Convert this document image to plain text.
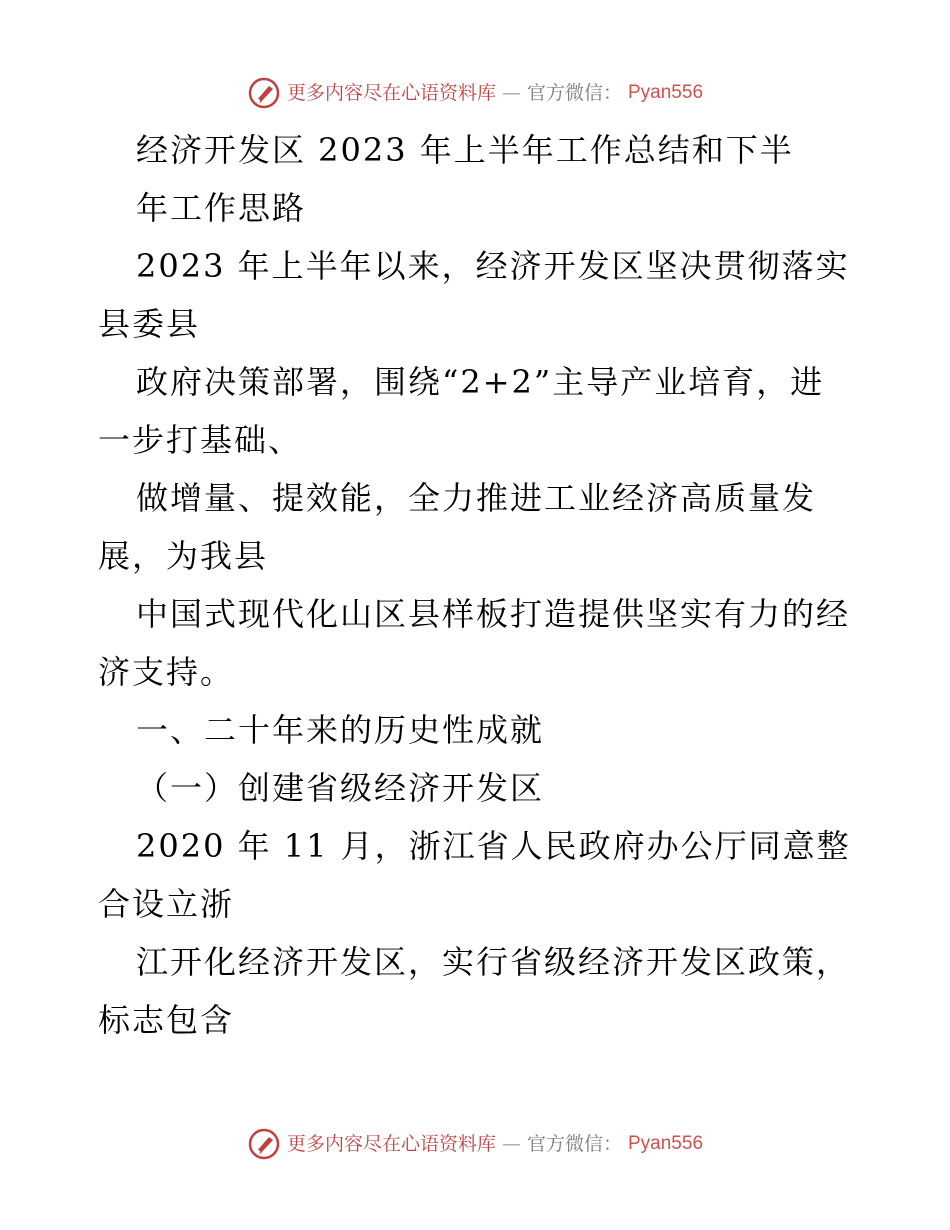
更多内容尽在心语资料库 — 官方微信： Pyan556
经济开发区 2023 年上半年工作总结和下半
年工作思路
2023 年上半年以来，经济开发区坚决贯彻落实
县委县
政府决策部署，围绕“2+2”主导产业培育，进
一步打基础、
做增量、提效能，全力推进工业经济高质量发
展，为我县
中国式现代化山区县样板打造提供坚实有力的经
济支持。
一、二十年来的历史性成就
（一）创建省级经济开发区
2020 年 11 月，浙江省人民政府办公厅同意整
合设立浙
江开化经济开发区，实行省级经济开发区政策，
标志包含
更多内容尽在心语资料库 — 官方微信： Pyan556
